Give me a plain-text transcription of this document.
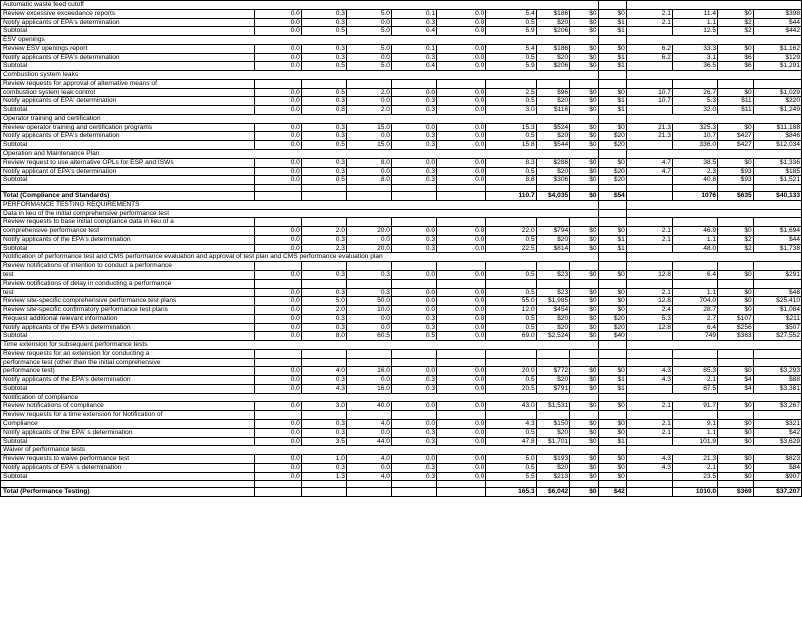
Automatic waste feed cutoff													
Review excessive exceedance reports	0.0	0.3	5.0	0.1	0.0	5.4	$186	$0	$0	2.1	11.4	$0	$398
Notify applicants of EPA's determination	0.0	0.3	0.0	0.3	0.0	0.5	$20	$0	$1	2.1	1.1	$2	$44
Subtotal	0.0	0.5	5.0	0.4	0.0	5.9	$206	$0	$1		12.5	$2	$442
ESV openings													
Review ESV openings report	0.0	0.3	5.0	0.1	0.0	5.4	$186	$0	$0	6.2	33.3	$0	$1,162
Notify applicants of EPA's determination	0.0	0.3	0.0	0.3	0.0	0.5	$20	$0	$1	6.2	3.1	$6	$129
Subtotal	0.0	0.5	5.0	0.4	0.0	5.9	$206	$0	$1		36.5	$6	$1,291
Combustion system leaks													
Review requests for approval of alternative means of													
combustion system leak control	0.0	0.5	2.0	0.0	0.0	2.5	$96	$0	$0	10.7	26.7	$0	$1,029
Notify applicants of EPA' determination	0.0	0.3	0.0	0.3	0.0	0.5	$20	$0	$1	10.7	5.3	$11	$220
Subtotal	0.0	0.8	2.0	0.3	0.0	3.0	$116	$0	$1		32.0	$11	$1,249
Operator training and certification													
Review operator training and certification programs	0.0	0.3	15.0	0.0	0.0	15.3	$524	$0	$0	21.3	325.3	$0	$11,188
Notify applicants of EPA's determination	0.0	0.3	0.0	0.3	0.0	0.5	$20	$0	$20	21.3	10.7	$427	$846
Subtotal	0.0	0.5	15.0	0.3	0.0	15.8	$544	$0	$20		336.0	$427	$12,034
Operation and Maintenance Plan													
Review request to use alternative OPLs for ESP and ISWs	0.0	0.3	8.0	0.0	0.0	8.3	$286	$0	$0	4.7	38.5	$0	$1,336
Notify applicant of EPA's determination	0.0	0.3	0.0	0.3	0.0	0.5	$20	$0	$20	4.7	2.3	$93	$185
Subtotal	0.0	0.5	8.0	0.3	0.0	8.8	$306	$0	$20		40.8	$93	$1,521

Total (Compliance and Standards)						110.7	$4,035	$0	$54		1076	$635	$40,133
PERFORMANCE TESTING REQUIREMENTS													
Data in lieu of the initial comprehensive performance test													
Review requests to base initial compliance data in lieu of a													
comprehensive performance test	0.0	2.0	20.0	0.0	0.0	22.0	$794	$0	$0	2.1	46.9	$0	$1,694
Notify applicants of the EPA's determination	0.0	0.3	0.0	0.3	0.0	0.5	$20	$0	$1	2.1	1.1	$2	$44
Subtotal	0.0	2.3	20.0	0.3	0.0	22.5	$814	$0	$1		48.0	$2	$1,738
Notification of performance test and CMS performance evaluation and approval of test plan and CMS performance evaluation plan													
Review notifications of intention to conduct a performance													
test	0.0	0.3	0.3	0.0	0.0	0.5	$23	$0	$0	12.8	6.4	$0	$291
Review notifications of delay in conducting a performance													
test	0.0	0.3	0.3	0.0	0.0	0.5	$23	$0	$0	2.1	1.1	$0	$48
Review site-specific comprehensive performance test plans	0.0	5.0	50.0	0.0	0.0	55.0	$1,985	$0	$0	12.8	704.0	$0	$25,410
Review site-specific confirmatory performance test plans	0.0	2.0	10.0	0.0	0.0	12.0	$454	$0	$0	2.4	28.7	$0	$1,084
Request additional relevant information	0.0	0.3	0.0	0.3	0.0	0.5	$20	$0	$20	5.3	2.7	$107	$211
Notify applicants of the EPA's determination	0.0	0.3	0.0	0.3	0.0	0.5	$20	$0	$20	12.8	6.4	$256	$507
Subtotal	0.0	8.0	60.5	0.5	0.0	69.0	$2,524	$0	$40		749	$363	$27,552
Time extension for subsequent performance tests													
Review requests for an extension for conducting a													
performance test (other than the initial comprehensive													
performance test)	0.0	4.0	16.0	0.0	0.0	20.0	$772	$0	$0	4.3	85.3	$0	$3,293
Notify applicants of the EPA's determination	0.0	0.3	0.0	0.3	0.0	0.5	$20	$0	$1	4.3	2.1	$4	$88
Subtotal	0.0	4.3	16.0	0.3	0.0	20.5	$791	$0	$1		87.5	$4	$3,381
Notification of compliance													
Review notifications of compliance	0.0	3.0	40.0	0.0	0.0	43.0	$1,531	$0	$0	2.1	91.7	$0	$3,267
Review requests for a time extension for Notification of													
Compliance	0.0	0.3	4.0	0.0	0.0	4.3	$150	$0	$0	2.1	9.1	$0	$321
Notify applicants of the EPA' s determination	0.0	0.3	0.0	0.3	0.0	0.5	$20	$0	$0	2.1	1.1	$0	$42
Subtotal	0.0	3.5	44.0	0.3	0.0	47.8	$1,701	$0	$1		101.9	$0	$3,629
Waiver of performance tests													
Review requests to waive performance test	0.0	1.0	4.0	0.0	0.0	5.0	$193	$0	$0	4.3	21.3	$0	$823
Notify applicants of EPA' s determination	0.0	0.3	0.0	0.3	0.0	0.5	$20	$0	$0	4.3	2.1	$0	$84
Subtotal	0.0	1.3	4.0	0.3	0.0	5.5	$213	$0	$0		23.5	$0	$907

Total (Performance Testing)						165.3	$6,042	$0	$42		1010.0	$369	$37,207
